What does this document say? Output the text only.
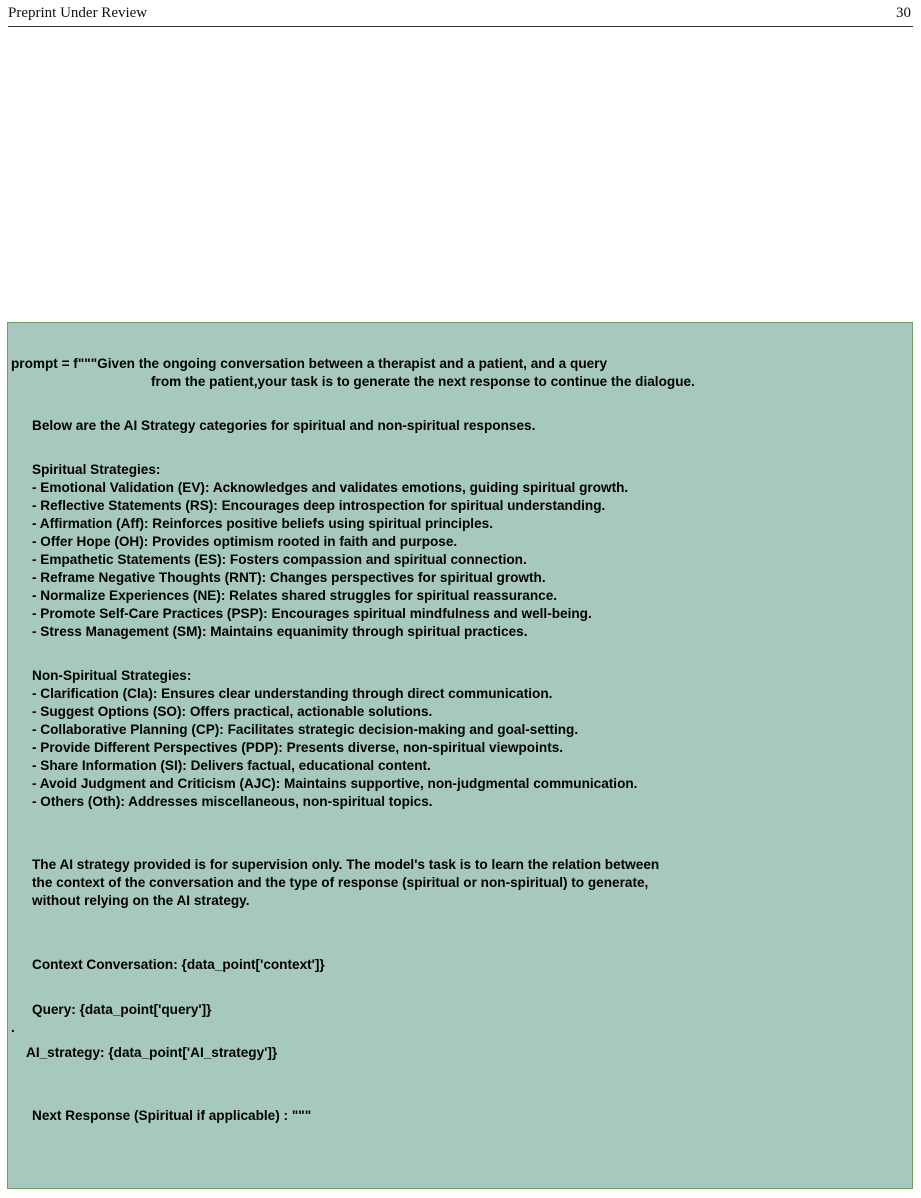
Preprint Under Review	30
prompt = f"""Given the ongoing conversation between a therapist and a patient, and a query
from the patient,your task is to generate the next response to continue the dialogue.
Below are the AI Strategy categories for spiritual and non-spiritual responses.
Spiritual Strategies:
- Emotional Validation (EV): Acknowledges and validates emotions, guiding spiritual growth.
- Reflective Statements (RS): Encourages deep introspection for spiritual understanding.
- Affirmation (Aff): Reinforces positive beliefs using spiritual principles.
- Offer Hope (OH): Provides optimism rooted in faith and purpose.
- Empathetic Statements (ES): Fosters compassion and spiritual connection.
- Reframe Negative Thoughts (RNT): Changes perspectives for spiritual growth.
- Normalize Experiences (NE): Relates shared struggles for spiritual reassurance.
- Promote Self-Care Practices (PSP): Encourages spiritual mindfulness and well-being.
- Stress Management (SM): Maintains equanimity through spiritual practices.
Non-Spiritual Strategies:
- Clarification (Cla): Ensures clear understanding through direct communication.
- Suggest Options (SO): Offers practical, actionable solutions.
- Collaborative Planning (CP): Facilitates strategic decision-making and goal-setting.
- Provide Different Perspectives (PDP): Presents diverse, non-spiritual viewpoints.
- Share Information (SI): Delivers factual, educational content.
- Avoid Judgment and Criticism (AJC): Maintains supportive, non-judgmental communication.
- Others (Oth): Addresses miscellaneous, non-spiritual topics.
The AI strategy provided is for supervision only. The model's task is to learn the relation between
the context of the conversation and the type of response (spiritual or non-spiritual) to generate,
without relying on the AI strategy.
Context Conversation: {data_point['context']}
Query: {data_point['query']}
.
AI_strategy: {data_point['AI_strategy']}
Next Response (Spiritual if applicable) : """
